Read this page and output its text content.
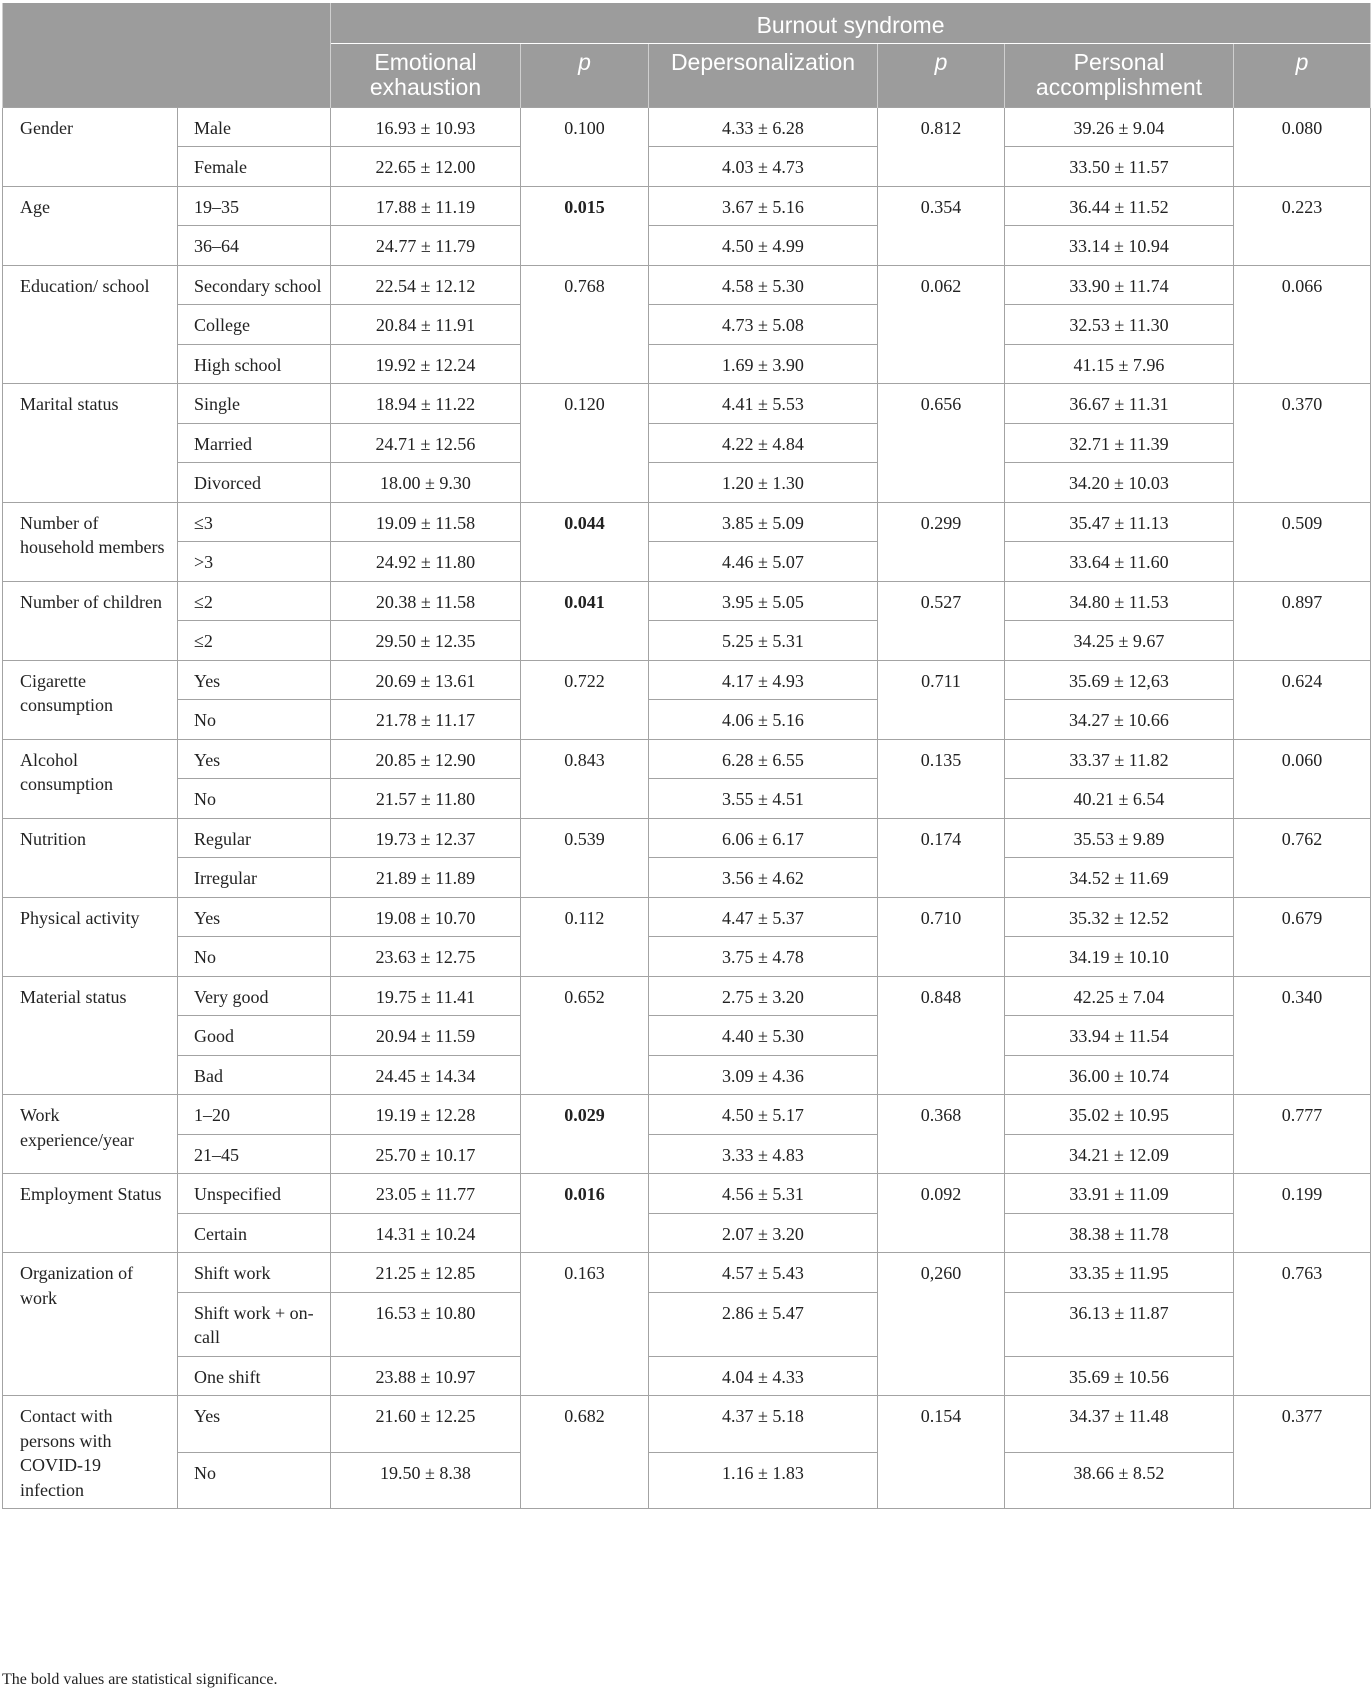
		Burnout syndrome					
		Emotional exhaustion	p	Depersonalization	p	Personal accomplishment	p
Gender	Male	16.93 ± 10.93	0.100	4.33 ± 6.28	0.812	39.26 ± 9.04	0.080
	Female	22.65 ± 12.00		4.03 ± 4.73		33.50 ± 11.57	
Age	19–35	17.88 ± 11.19	0.015	3.67 ± 5.16	0.354	36.44 ± 11.52	0.223
	36–64	24.77 ± 11.79		4.50 ± 4.99		33.14 ± 10.94	
Education/ school	Secondary school	22.54 ± 12.12	0.768	4.58 ± 5.30	0.062	33.90 ± 11.74	0.066
	College	20.84 ± 11.91		4.73 ± 5.08		32.53 ± 11.30	
	High school	19.92 ± 12.24		1.69 ± 3.90		41.15 ± 7.96	
Marital status	Single	18.94 ± 11.22	0.120	4.41 ± 5.53	0.656	36.67 ± 11.31	0.370
	Married	24.71 ± 12.56		4.22 ± 4.84		32.71 ± 11.39	
	Divorced	18.00 ± 9.30		1.20 ± 1.30		34.20 ± 10.03	
Number of household members	≤3	19.09 ± 11.58	0.044	3.85 ± 5.09	0.299	35.47 ± 11.13	0.509
	>3	24.92 ± 11.80		4.46 ± 5.07		33.64 ± 11.60	
Number of children	≤2	20.38 ± 11.58	0.041	3.95 ± 5.05	0.527	34.80 ± 11.53	0.897
	≤2	29.50 ± 12.35		5.25 ± 5.31		34.25 ± 9.67	
Cigarette consumption	Yes	20.69 ± 13.61	0.722	4.17 ± 4.93	0.711	35.69 ± 12,63	0.624
	No	21.78 ± 11.17		4.06 ± 5.16		34.27 ± 10.66	
Alcohol consumption	Yes	20.85 ± 12.90	0.843	6.28 ± 6.55	0.135	33.37 ± 11.82	0.060
	No	21.57 ± 11.80		3.55 ± 4.51		40.21 ± 6.54	
Nutrition	Regular	19.73 ± 12.37	0.539	6.06 ± 6.17	0.174	35.53 ± 9.89	0.762
	Irregular	21.89 ± 11.89		3.56 ± 4.62		34.52 ± 11.69	
Physical activity	Yes	19.08 ± 10.70	0.112	4.47 ± 5.37	0.710	35.32 ± 12.52	0.679
	No	23.63 ± 12.75		3.75 ± 4.78		34.19 ± 10.10	
Material status	Very good	19.75 ± 11.41	0.652	2.75 ± 3.20	0.848	42.25 ± 7.04	0.340
	Good	20.94 ± 11.59		4.40 ± 5.30		33.94 ± 11.54	
	Bad	24.45 ± 14.34		3.09 ± 4.36		36.00 ± 10.74	
Work experience/year	1–20	19.19 ± 12.28	0.029	4.50 ± 5.17	0.368	35.02 ± 10.95	0.777
	21–45	25.70 ± 10.17		3.33 ± 4.83		34.21 ± 12.09	
Employment Status	Unspecified	23.05 ± 11.77	0.016	4.56 ± 5.31	0.092	33.91 ± 11.09	0.199
	Certain	14.31 ± 10.24		2.07 ± 3.20		38.38 ± 11.78	
Organization of work	Shift work	21.25 ± 12.85	0.163	4.57 ± 5.43	0,260	33.35 ± 11.95	0.763
	Shift work + on-call	16.53 ± 10.80		2.86 ± 5.47		36.13 ± 11.87	
	One shift	23.88 ± 10.97		4.04 ± 4.33		35.69 ± 10.56	
Contact with persons with COVID-19 infection	Yes	21.60 ± 12.25	0.682	4.37 ± 5.18	0.154	34.37 ± 11.48	0.377
	No	19.50 ± 8.38		1.16 ± 1.83		38.66 ± 8.52	
The bold values are statistical significance.
